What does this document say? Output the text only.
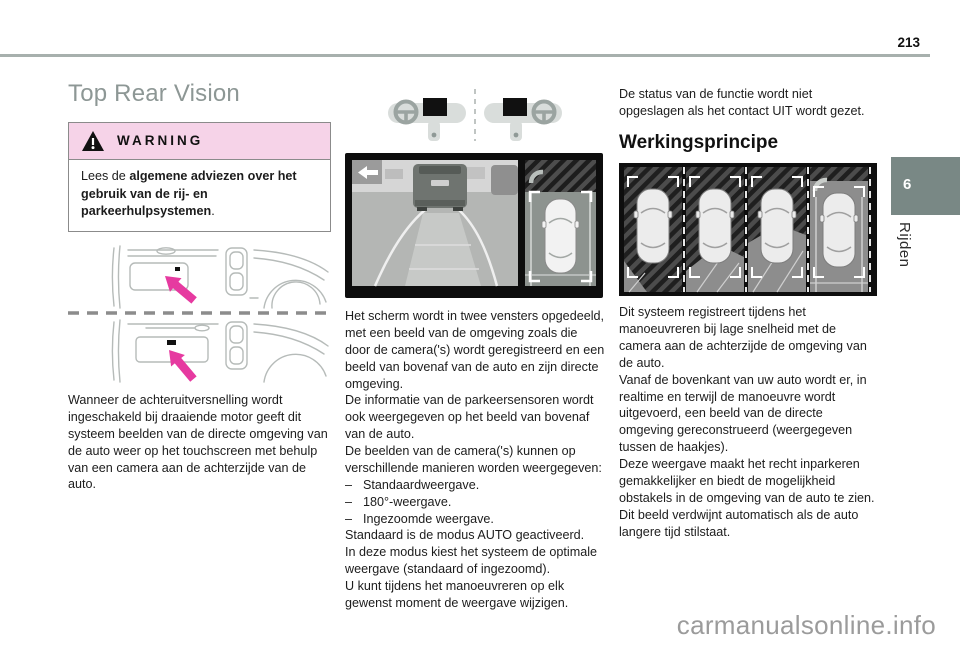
213
Top Rear Vision
WARNING
Lees de algemene adviezen over het gebruik van de rij- en parkeerhulpsystemen.

Wanneer de achteruitversnelling wordt ingeschakeld bij draaiende motor geeft dit systeem beelden van de directe omgeving van de auto weer op het touchscreen met behulp van een camera aan de achterzijde van de auto.

Het scherm wordt in twee vensters opgedeeld, met een beeld van de omgeving zoals die door de camera('s) wordt geregistreerd en een beeld van bovenaf van de auto en zijn directe omgeving.

De informatie van de parkeersensoren wordt ook weergegeven op het beeld van bovenaf van de auto.

De beelden van de camera('s) kunnen op verschillende manieren worden weergegeven:

– Standaardweergave.
– 180°-weergave.
– Ingezoomde weergave.

Standaard is de modus AUTO geactiveerd.

In deze modus kiest het systeem de optimale weergave (standaard of ingezoomd).

U kunt tijdens het manoeuvreren op elk gewenst moment de weergave wijzigen.

De status van de functie wordt niet opgeslagen als het contact UIT wordt gezet.

Werkingsprincipe

Dit systeem registreert tijdens het manoeuvreren bij lage snelheid met de camera aan de achterzijde de omgeving van de auto.

Vanaf de bovenkant van uw auto wordt er, in realtime en terwijl de manoeuvre wordt uitgevoerd, een beeld van de directe omgeving gereconstrueerd (weergegeven tussen de haakjes).

Deze weergave maakt het recht inparkeren gemakkelijker en biedt de mogelijkheid obstakels in de omgeving van de auto te zien. Dit beeld verdwijnt automatisch als de auto langere tijd stilstaat.

6
Rijden
carmanualsonline.info
